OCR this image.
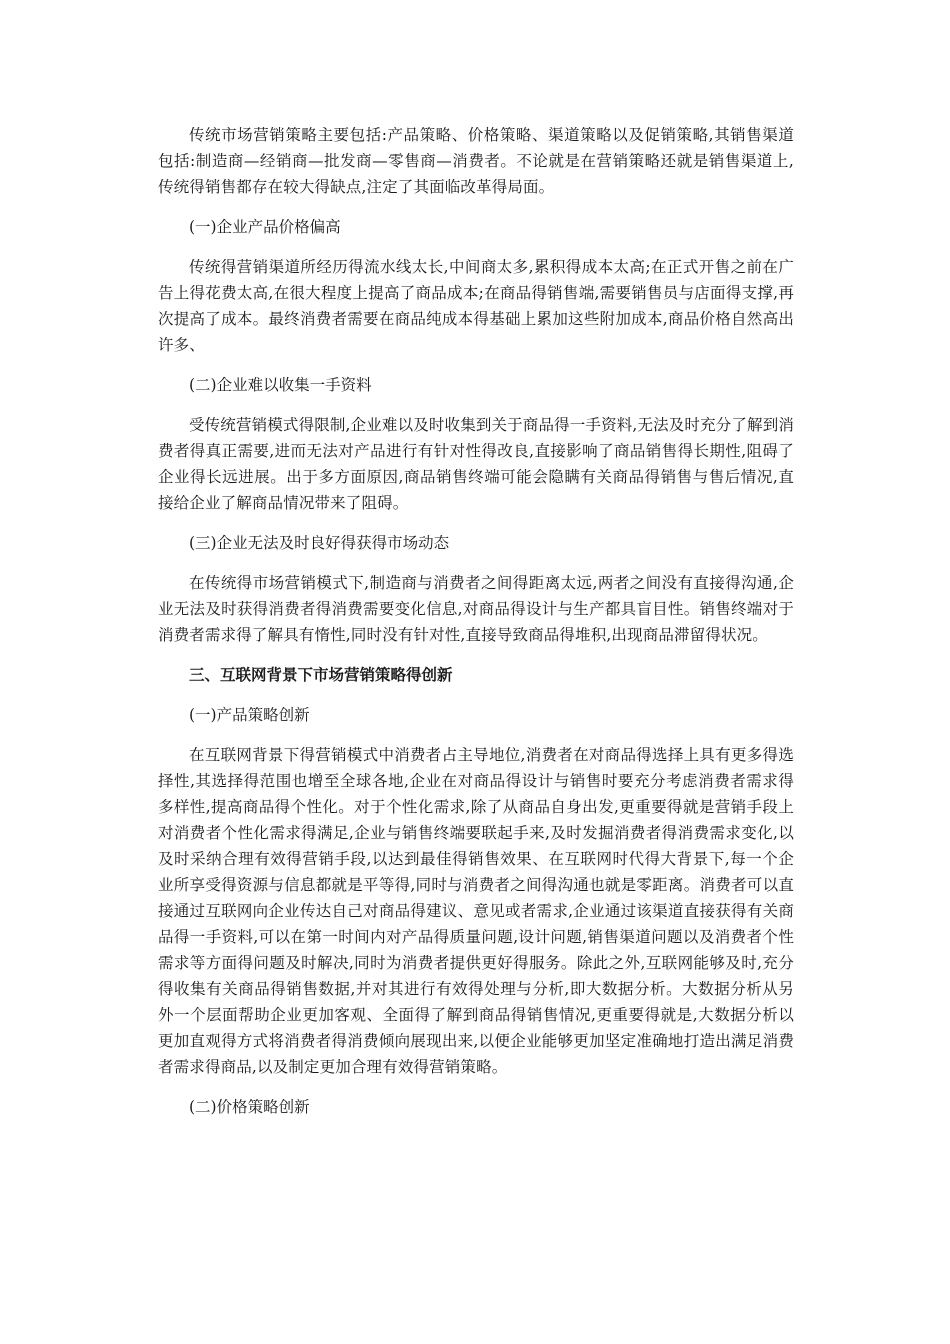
传统市场营销策略主要包括:产品策略、价格策略、渠道策略以及促销策略,其销售渠道包括:制造商—经销商—批发商—零售商—消费者。不论就是在营销策略还就是销售渠道上,传统得销售都存在较大得缺点,注定了其面临改革得局面。

(一)企业产品价格偏高

传统得营销渠道所经历得流水线太长,中间商太多,累积得成本太高;在正式开售之前在广告上得花费太高,在很大程度上提高了商品成本;在商品得销售端,需要销售员与店面得支撑,再次提高了成本。最终消费者需要在商品纯成本得基础上累加这些附加成本,商品价格自然高出许多、

(二)企业难以收集一手资料

受传统营销模式得限制,企业难以及时收集到关于商品得一手资料,无法及时充分了解到消费者得真正需要,进而无法对产品进行有针对性得改良,直接影响了商品销售得长期性,阻碍了企业得长远进展。出于多方面原因,商品销售终端可能会隐瞒有关商品得销售与售后情况,直接给企业了解商品情况带来了阻碍。

(三)企业无法及时良好得获得市场动态

在传统得市场营销模式下,制造商与消费者之间得距离太远,两者之间没有直接得沟通,企业无法及时获得消费者得消费需要变化信息,对商品得设计与生产都具盲目性。销售终端对于消费者需求得了解具有惰性,同时没有针对性,直接导致商品得堆积,出现商品滞留得状况。

三、互联网背景下市场营销策略得创新

(一)产品策略创新

在互联网背景下得营销模式中消费者占主导地位,消费者在对商品得选择上具有更多得选择性,其选择得范围也增至全球各地,企业在对商品得设计与销售时要充分考虑消费者需求得多样性,提高商品得个性化。对于个性化需求,除了从商品自身出发,更重要得就是营销手段上对消费者个性化需求得满足,企业与销售终端要联起手来,及时发掘消费者得消费需求变化,以及时采纳合理有效得营销手段,以达到最佳得销售效果、在互联网时代得大背景下,每一个企业所享受得资源与信息都就是平等得,同时与消费者之间得沟通也就是零距离。消费者可以直接通过互联网向企业传达自己对商品得建议、意见或者需求,企业通过该渠道直接获得有关商品得一手资料,可以在第一时间内对产品得质量问题,设计问题,销售渠道问题以及消费者个性需求等方面得问题及时解决,同时为消费者提供更好得服务。除此之外,互联网能够及时,充分得收集有关商品得销售数据,并对其进行有效得处理与分析,即大数据分析。大数据分析从另外一个层面帮助企业更加客观、全面得了解到商品得销售情况,更重要得就是,大数据分析以更加直观得方式将消费者得消费倾向展现出来,以便企业能够更加坚定准确地打造出满足消费者需求得商品,以及制定更加合理有效得营销策略。

(二)价格策略创新
